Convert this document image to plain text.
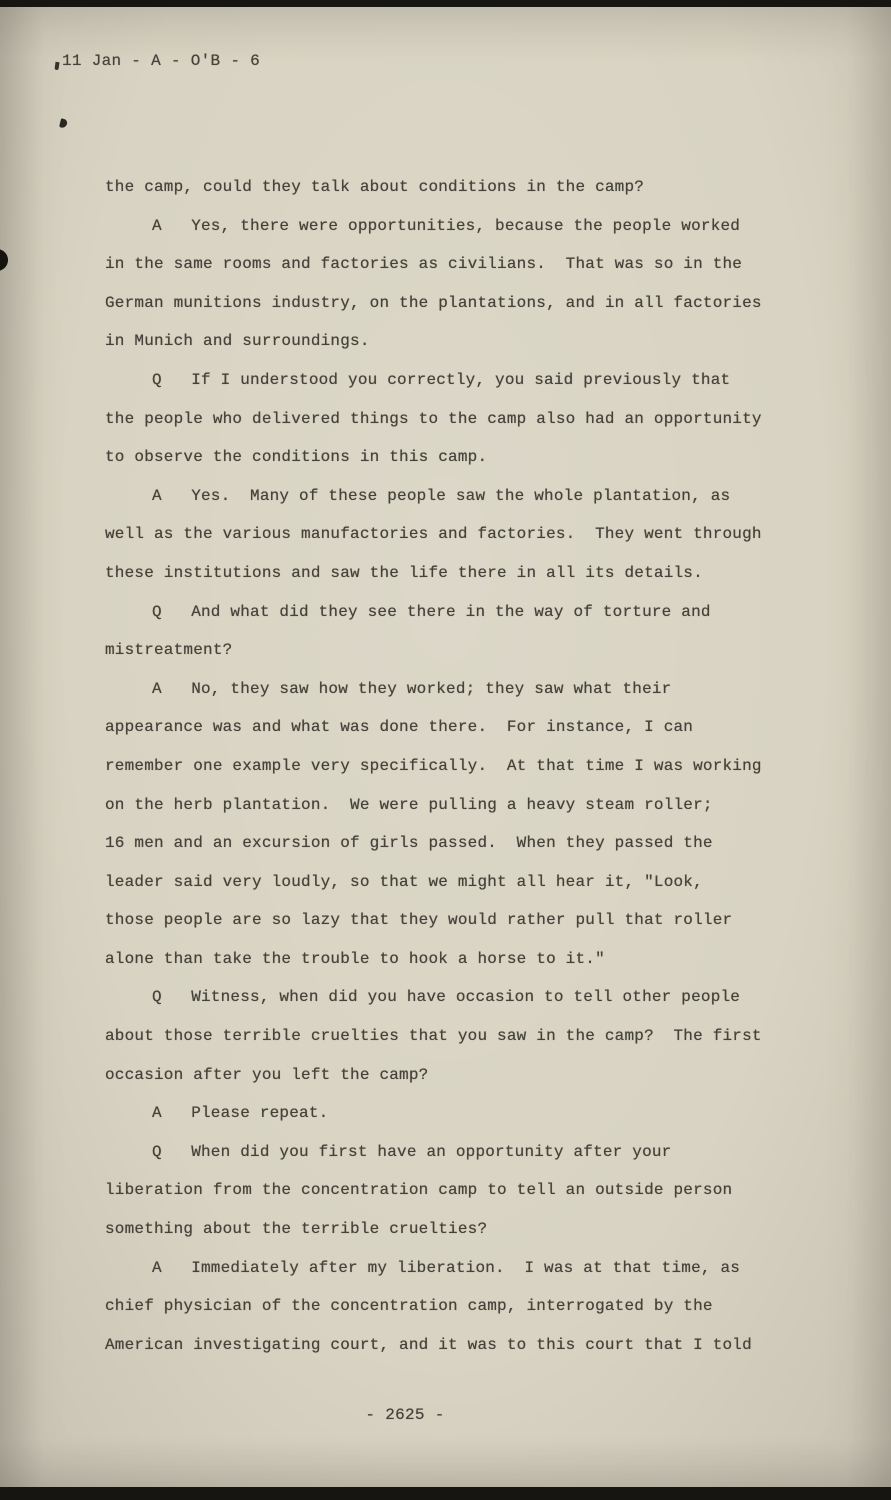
11 Jan - A - O'B - 6
the camp, could they talk about conditions in the camp?
A   Yes, there were opportunities, because the people worked
in the same rooms and factories as civilians.  That was so in the
German munitions industry, on the plantations, and in all factories
in Munich and surroundings.
Q   If I understood you correctly, you said previously that
the people who delivered things to the camp also had an opportunity
to observe the conditions in this camp.
A   Yes.  Many of these people saw the whole plantation, as
well as the various manufactories and factories.  They went through
these institutions and saw the life there in all its details.
Q   And what did they see there in the way of torture and
mistreatment?
A   No, they saw how they worked; they saw what their
appearance was and what was done there.  For instance, I can
remember one example very specifically.  At that time I was working
on the herb plantation.  We were pulling a heavy steam roller;
16 men and an excursion of girls passed.  When they passed the
leader said very loudly, so that we might all hear it, "Look,
those people are so lazy that they would rather pull that roller
alone than take the trouble to hook a horse to it."
Q   Witness, when did you have occasion to tell other people
about those terrible cruelties that you saw in the camp?  The first
occasion after you left the camp?
A   Please repeat.
Q   When did you first have an opportunity after your
liberation from the concentration camp to tell an outside person
something about the terrible cruelties?
A   Immediately after my liberation.  I was at that time, as
chief physician of the concentration camp, interrogated by the
American investigating court, and it was to this court that I told
- 2625 -
